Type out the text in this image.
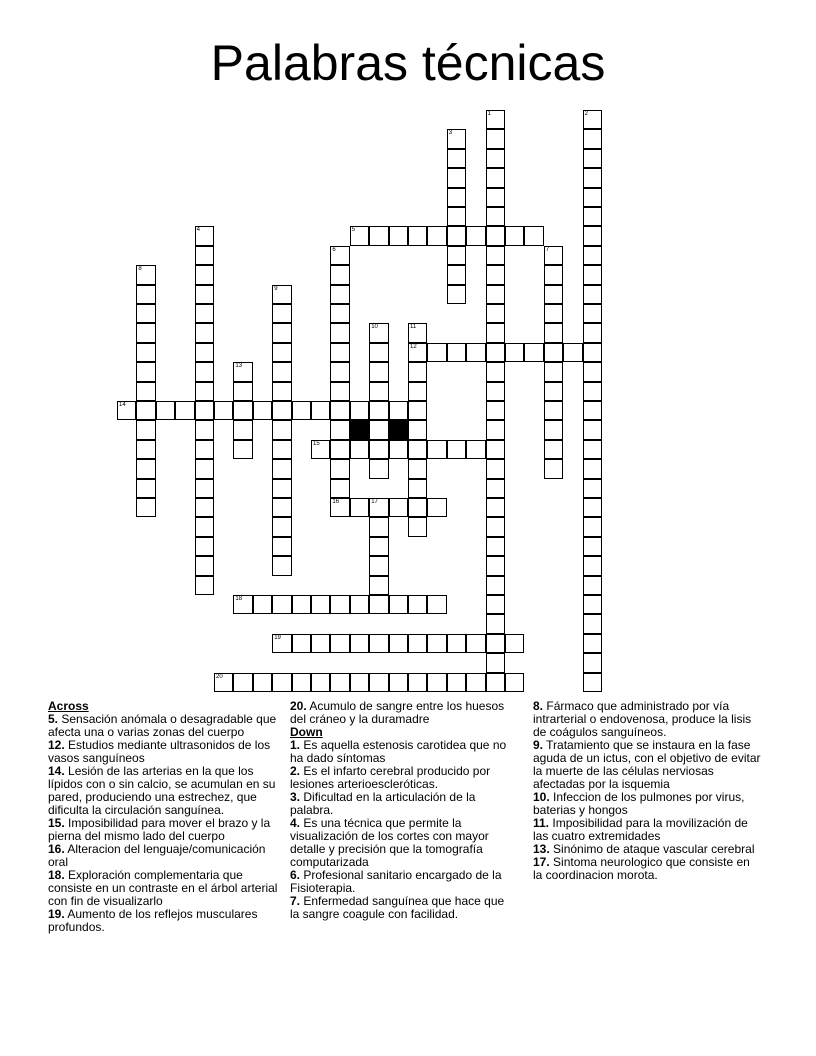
Palabras técnicas
1	2
3
4	5
6
16
7
8
9
10	11
12
13
14
15
17
18
19
20
Across
5. Sensación anómala o desagradable que afecta una o varias zonas del cuerpo
12. Estudios mediante ultrasonidos de los vasos sanguíneos
14. Lesión de las arterias en la que los lípidos con o sin calcio, se acumulan en su pared, produciendo una estrechez, que dificulta la circulación sanguínea.
15. Imposibilidad para mover el brazo y la pierna del mismo lado del cuerpo
16. Alteracion del lenguaje/comunicación oral
18. Exploración complementaria que consiste en un contraste en el árbol arterial con fin de visualizarlo
19. Aumento de los reflejos musculares profundos.
20. Acumulo de sangre entre los huesos del cráneo y la duramadre
Down
1. Es aquella estenosis carotidea que no ha dado síntomas
2. Es el infarto cerebral producido por lesiones arterioescleróticas.
3. Dificultad en la articulación de la palabra.
4. Es una técnica que permite la visualización de los cortes con mayor detalle y precisión que la tomografía computarizada
6. Profesional sanitario encargado de la Fisioterapia.
7. Enfermedad sanguínea que hace que la sangre coagule con facilidad.
8. Fármaco que administrado por vía intrarterial o endovenosa, produce la lisis de coágulos sanguíneos.
9. Tratamiento que se instaura en la fase aguda de un ictus, con el objetivo de evitar la muerte de las células nerviosas afectadas por la isquemia
10. Infeccion de los pulmones por virus, baterias y hongos
11. Imposibilidad para la movilización de las cuatro extremidades
13. Sinónimo de ataque vascular cerebral
17. Sintoma neurologico que consiste en la coordinacion morota.
